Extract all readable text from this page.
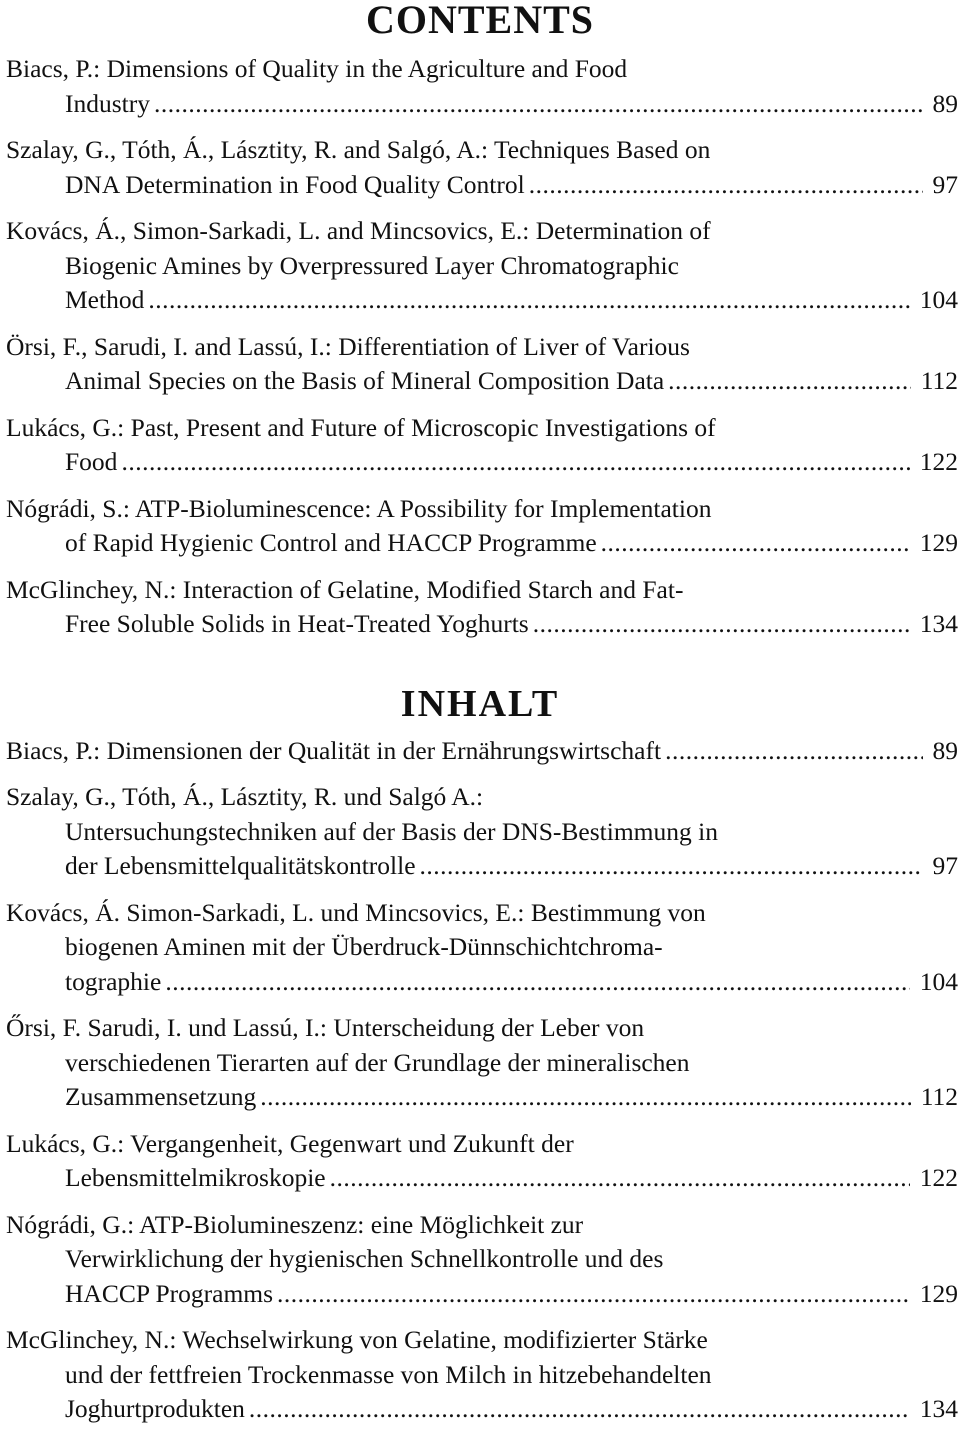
CONTENTS
Biacs, P.: Dimensions of Quality in the Agriculture and Food
Industry .....	89
Szalay, G., Tóth, Á., Lásztity, R. and Salgó, A.: Techniques Based on
DNA Determination in Food Quality Control .....	97
Kovács, Á., Simon-Sarkadi, L. and Mincsovics, E.: Determination of
Biogenic Amines by Overpressured Layer Chromatographic
Method .....	104
Örsi, F., Sarudi, I. and Lassú, I.: Differentiation of Liver of Various
Animal Species on the Basis of Mineral Composition Data .....	112
Lukács, G.: Past, Present and Future of Microscopic Investigations of
Food .....	122
Nógrádi, S.: ATP-Bioluminescence: A Possibility for Implementation
of Rapid Hygienic Control and HACCP Programme .....	129
McGlinchey, N.: Interaction of Gelatine, Modified Starch and Fat-
Free Soluble Solids in Heat-Treated Yoghurts .....	134
INHALT
Biacs, P.: Dimensionen der Qualität in der Ernährungswirtschaft .....	89
Szalay, G., Tóth, Á., Lásztity, R. und Salgó A.:
Untersuchungstechniken auf der Basis der DNS-Bestimmung in
der Lebensmittelqualitätskontrolle .....	97
Kovács, Á. Simon-Sarkadi, L. und Mincsovics, E.: Bestimmung von
biogenen Aminen mit der Überdruck-Dünnschichtchroma-
tographie .....	104
Őrsi, F. Sarudi, I. und Lassú, I.: Unterscheidung der Leber von
verschiedenen Tierarten auf der Grundlage der mineralischen
Zusammensetzung .....	112
Lukács, G.: Vergangenheit, Gegenwart und Zukunft der
Lebensmittelmikroskopie .....	122
Nógrádi, G.: ATP-Biolumineszenz: eine Möglichkeit zur
Verwirklichung der hygienischen Schnellkontrolle und des
HACCP Programms .....	129
McGlinchey, N.: Wechselwirkung von Gelatine, modifizierter Stärke
und der fettfreien Trockenmasse von Milch in hitzebehandelten
Joghurtprodukten .....	134
